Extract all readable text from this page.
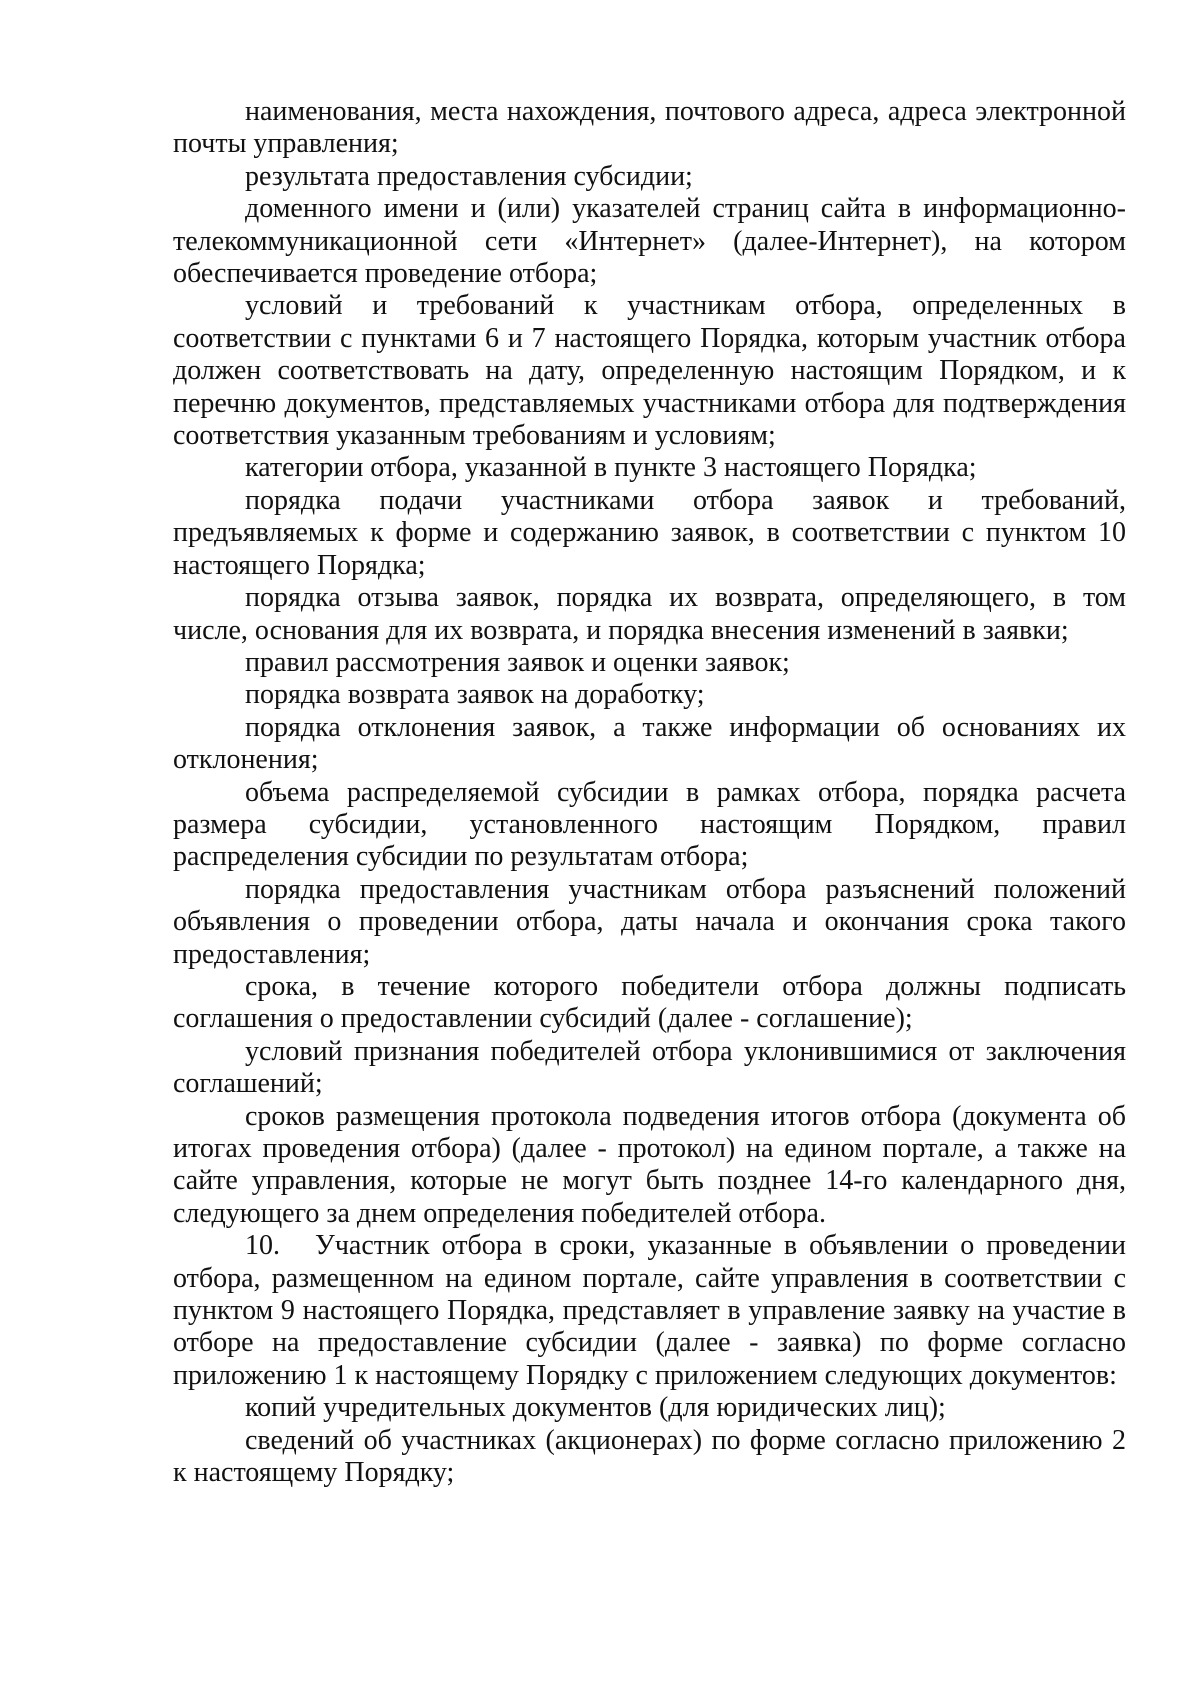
наименования, места нахождения, почтового адреса, адреса электронной почты управления;

результата предоставления субсидии;

доменного имени и (или) указателей страниц сайта в информационно-телекоммуникационной сети «Интернет» (далее-Интернет), на котором обеспечивается проведение отбора;

условий и требований к участникам отбора, определенных в соответствии с пунктами 6 и 7 настоящего Порядка, которым участник отбора должен соответствовать на дату, определенную настоящим Порядком, и к перечню документов, представляемых участниками отбора для подтверждения соответствия указанным требованиям и условиям;

категории отбора, указанной в пункте 3 настоящего Порядка;

порядка подачи участниками отбора заявок и требований, предъявляемых к форме и содержанию заявок, в соответствии с пунктом 10 настоящего Порядка;

порядка отзыва заявок, порядка их возврата, определяющего, в том числе, основания для их возврата, и порядка внесения изменений в заявки;

правил рассмотрения заявок и оценки заявок;

порядка возврата заявок на доработку;

порядка отклонения заявок, а также информации об основаниях их отклонения;

объема распределяемой субсидии в рамках отбора, порядка расчета размера субсидии, установленного настоящим Порядком, правил распределения субсидии по результатам отбора;

порядка предоставления участникам отбора разъяснений положений объявления о проведении отбора, даты начала и окончания срока такого предоставления;

срока, в течение которого победители отбора должны подписать соглашения о предоставлении субсидий (далее - соглашение);

условий признания победителей отбора уклонившимися от заключения соглашений;

сроков размещения протокола подведения итогов отбора (документа об итогах проведения отбора) (далее - протокол) на едином портале, а также на сайте управления, которые не могут быть позднее 14-го календарного дня, следующего за днем определения победителей отбора.

10. Участник отбора в сроки, указанные в объявлении о проведении отбора, размещенном на едином портале, сайте управления в соответствии с пунктом 9 настоящего Порядка, представляет в управление заявку на участие в отборе на предоставление субсидии (далее - заявка) по форме согласно приложению 1 к настоящему Порядку с приложением следующих документов:

копий учредительных документов (для юридических лиц);

сведений об участниках (акционерах) по форме согласно приложению 2 к настоящему Порядку;
